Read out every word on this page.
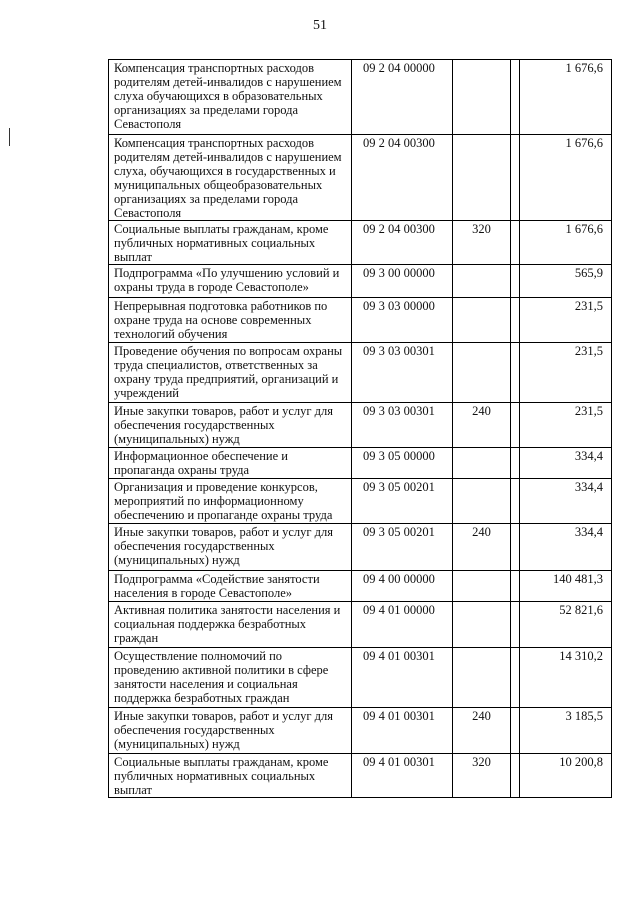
51
Компенсация транспортных расходов родителям детей-инвалидов с нарушением слуха обучающихся в образовательных организациях за пределами города Севастополя	09 2 04 00000			1 676,6
Компенсация транспортных расходов родителям детей-инвалидов с нарушением слуха, обучающихся в государственных и муниципальных общеобразовательных организациях за пределами города Севастополя	09 2 04 00300			1 676,6
Социальные выплаты гражданам, кроме публичных нормативных социальных выплат	09 2 04 00300	320		1 676,6
Подпрограмма «По улучшению условий и охраны труда в городе Севастополе»	09 3 00 00000			565,9
Непрерывная подготовка работников по охране труда на основе современных технологий обучения	09 3 03 00000			231,5
Проведение обучения по вопросам охраны труда специалистов, ответственных за охрану труда предприятий, организаций и учреждений	09 3 03 00301			231,5
Иные закупки товаров, работ и услуг для обеспечения государственных (муниципальных) нужд	09 3 03 00301	240		231,5
Информационное обеспечение и пропаганда охраны труда	09 3 05 00000			334,4
Организация и проведение конкурсов, мероприятий по информационному обеспечению и пропаганде охраны труда	09 3 05 00201			334,4
Иные закупки товаров, работ и услуг для обеспечения государственных (муниципальных) нужд	09 3 05 00201	240		334,4
Подпрограмма «Содействие занятости населения в городе Севастополе»	09 4 00 00000			140 481,3
Активная политика занятости населения и социальная поддержка безработных граждан	09 4 01 00000			52 821,6
Осуществление полномочий по проведению активной политики в сфере занятости населения и социальная поддержка безработных граждан	09 4 01 00301			14 310,2
Иные закупки товаров, работ и услуг для обеспечения государственных (муниципальных) нужд	09 4 01 00301	240		3 185,5
Социальные выплаты гражданам, кроме публичных нормативных социальных выплат	09 4 01 00301	320		10 200,8
